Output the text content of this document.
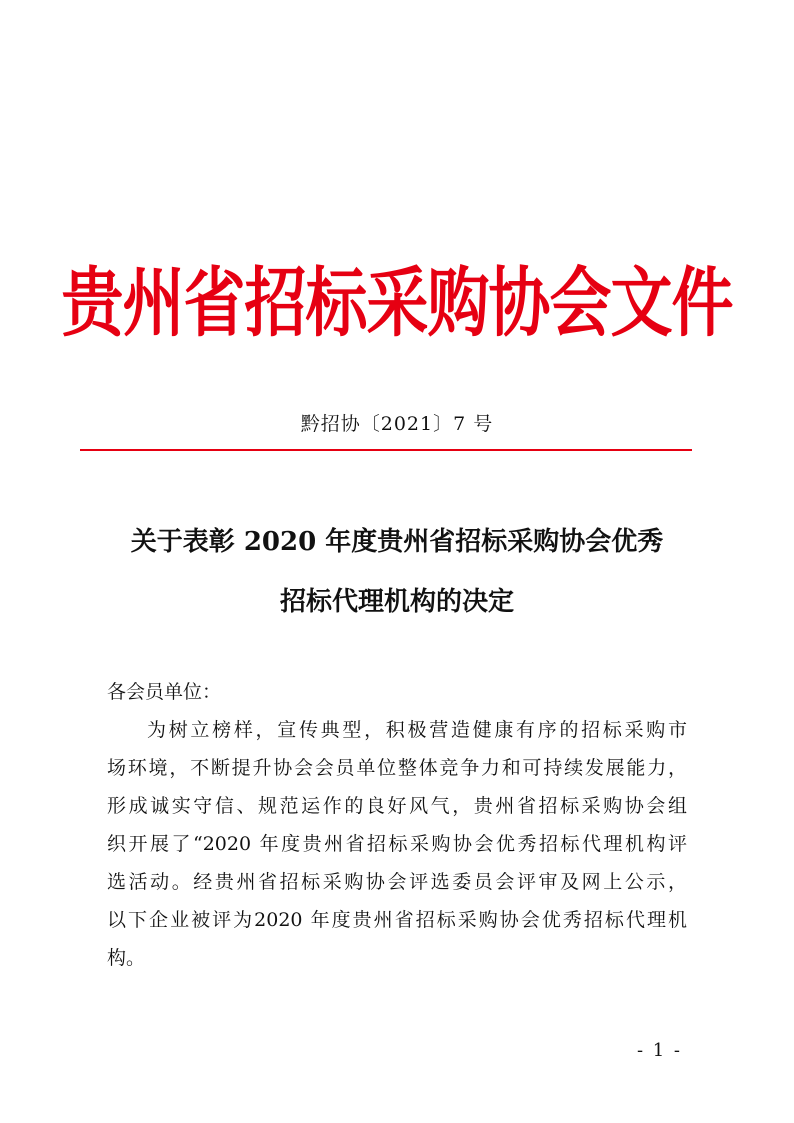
贵州省招标采购协会文件
黔招协〔2021〕7 号
关于表彰 2020 年度贵州省招标采购协会优秀
招标代理机构的决定
各会员单位：
为树立榜样，宣传典型，积极营造健康有序的招标采购市
场环境，不断提升协会会员单位整体竞争力和可持续发展能力，
形成诚实守信、规范运作的良好风气，贵州省招标采购协会组
织开展了“2020 年度贵州省招标采购协会优秀招标代理机构评
选活动。经贵州省招标采购协会评选委员会评审及网上公示，
以下企业被评为2020 年度贵州省招标采购协会优秀招标代理机
构。
- 1 -
